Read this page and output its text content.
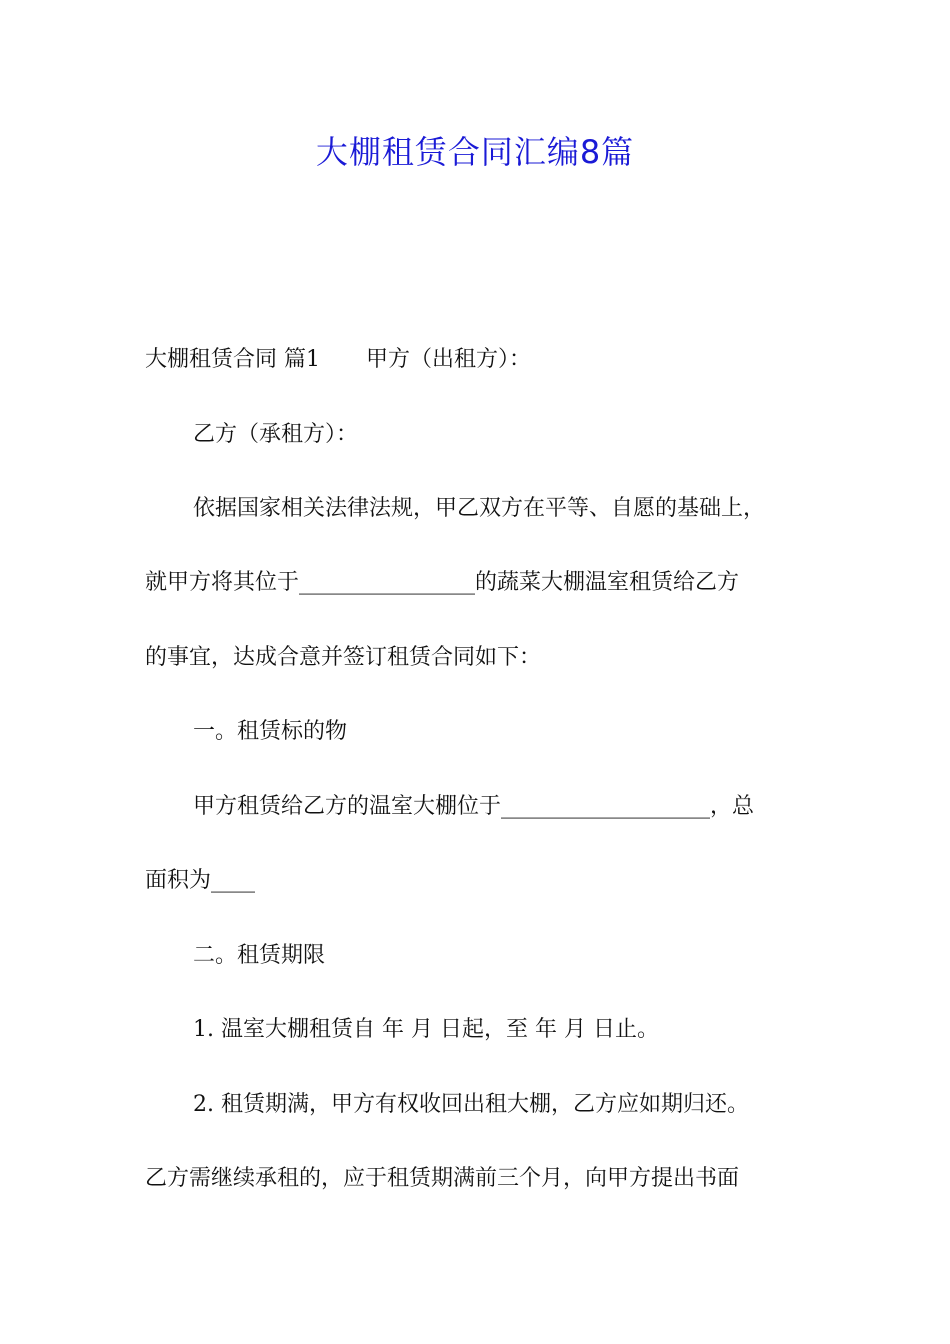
大棚租赁合同汇编8篇
大棚租赁合同 篇1 甲方（出租方）：
乙方（承租方）：
依据国家相关法律法规，甲乙双方在平等、自愿的基础上，
就甲方将其位于________________的蔬菜大棚温室租赁给乙方
的事宜，达成合意并签订租赁合同如下：
一。租赁标的物
甲方租赁给乙方的温室大棚位于___________________，总
面积为____
二。租赁期限
1. 温室大棚租赁自 年 月 日起，至 年 月 日止。
2. 租赁期满，甲方有权收回出租大棚，乙方应如期归还。
乙方需继续承租的，应于租赁期满前三个月，向甲方提出书面
